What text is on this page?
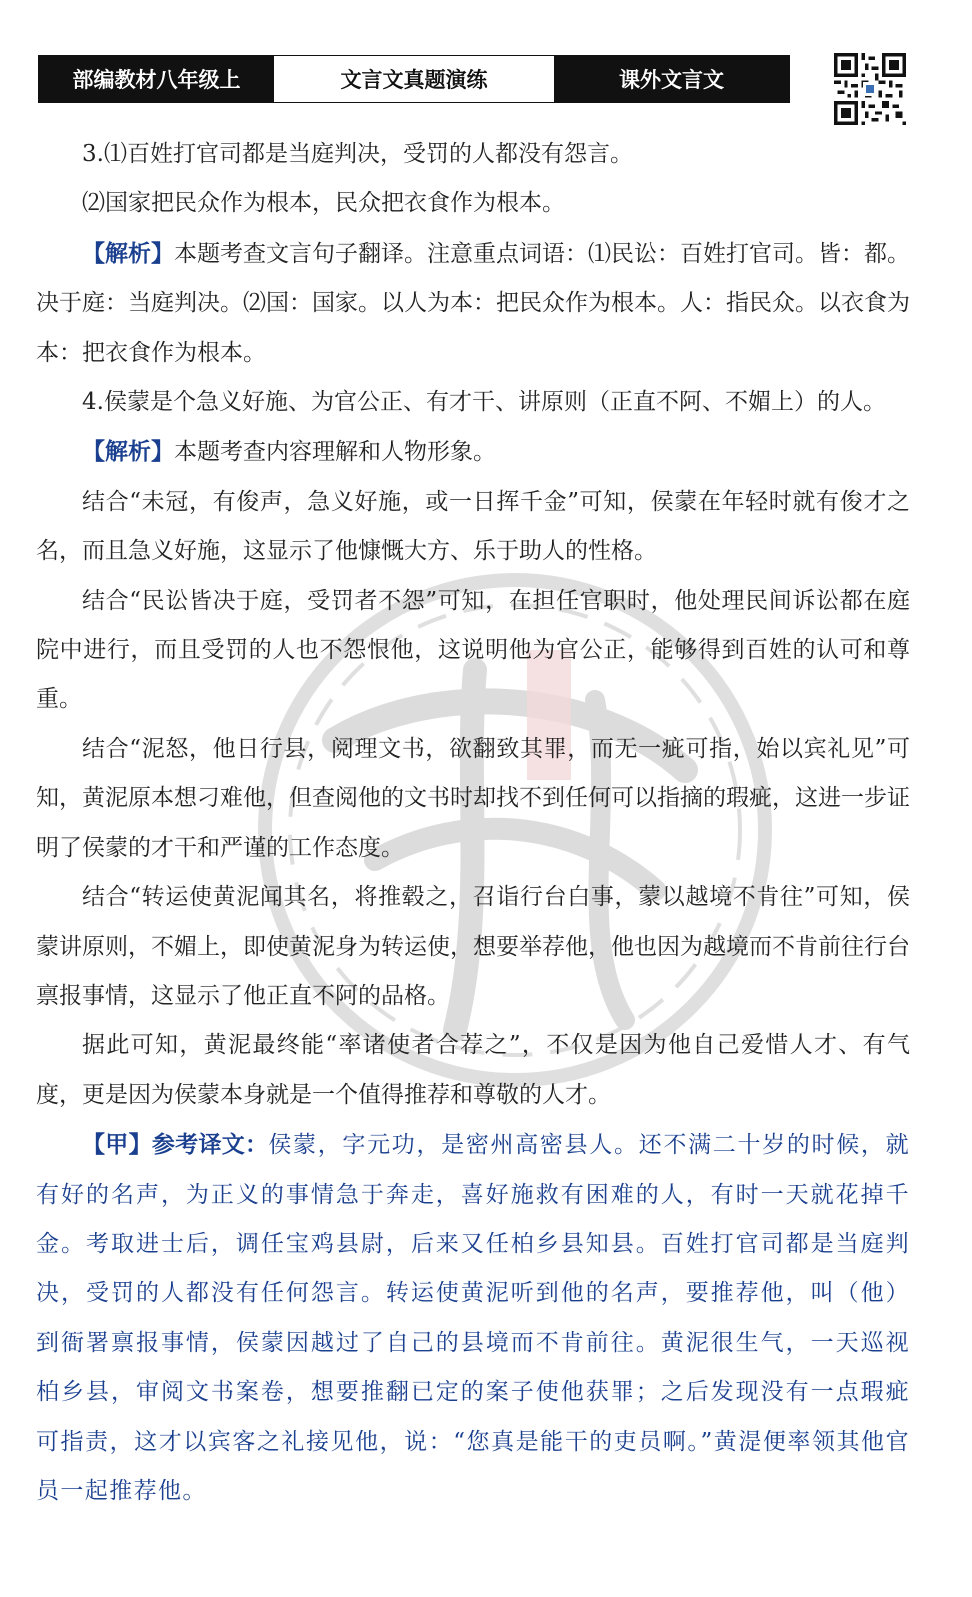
部编教材八年级上	文言文真题演练	课外文言文

3.⑴百姓打官司都是当庭判决，受罚的人都没有怨言。

⑵国家把民众作为根本，民众把衣食作为根本。

【解析】本题考查文言句子翻译。注意重点词语：⑴民讼：百姓打官司。皆：都。决于庭：当庭判决。⑵国：国家。以人为本：把民众作为根本。人：指民众。以衣食为本：把衣食作为根本。

4.侯蒙是个急义好施、为官公正、有才干、讲原则（正直不阿、不媚上）的人。

【解析】本题考查内容理解和人物形象。

结合“未冠，有俊声，急义好施，或一日挥千金”可知，侯蒙在年轻时就有俊才之名，而且急义好施，这显示了他慷慨大方、乐于助人的性格。

结合“民讼皆决于庭，受罚者不怨”可知，在担任官职时，他处理民间诉讼都在庭院中进行，而且受罚的人也不怨恨他，这说明他为官公正，能够得到百姓的认可和尊重。

结合“泥怒，他日行县，阅理文书，欲翻致其罪，而无一疵可指，始以宾礼见”可知，黄泥原本想刁难他，但查阅他的文书时却找不到任何可以指摘的瑕疵，这进一步证明了侯蒙的才干和严谨的工作态度。

结合“转运使黄泥闻其名，将推毂之，召诣行台白事，蒙以越境不肯往”可知，侯蒙讲原则，不媚上，即使黄泥身为转运使，想要举荐他，他也因为越境而不肯前往行台禀报事情，这显示了他正直不阿的品格。

据此可知，黄泥最终能“率诸使者合荐之”，不仅是因为他自己爱惜人才、有气度，更是因为侯蒙本身就是一个值得推荐和尊敬的人才。

【甲】参考译文：侯蒙，字元功，是密州高密县人。还不满二十岁的时候，就有好的名声，为正义的事情急于奔走，喜好施救有困难的人，有时一天就花掉千金。考取进士后，调任宝鸡县尉，后来又任柏乡县知县。百姓打官司都是当庭判决，受罚的人都没有任何怨言。转运使黄泥听到他的名声，要推荐他，叫（他）到衙署禀报事情，侯蒙因越过了自己的县境而不肯前往。黄泥很生气，一天巡视柏乡县，审阅文书案卷，想要推翻已定的案子使他获罪；之后发现没有一点瑕疵可指责，这才以宾客之礼接见他，说：“您真是能干的吏员啊。”黄湜便率领其他官员一起推荐他。
